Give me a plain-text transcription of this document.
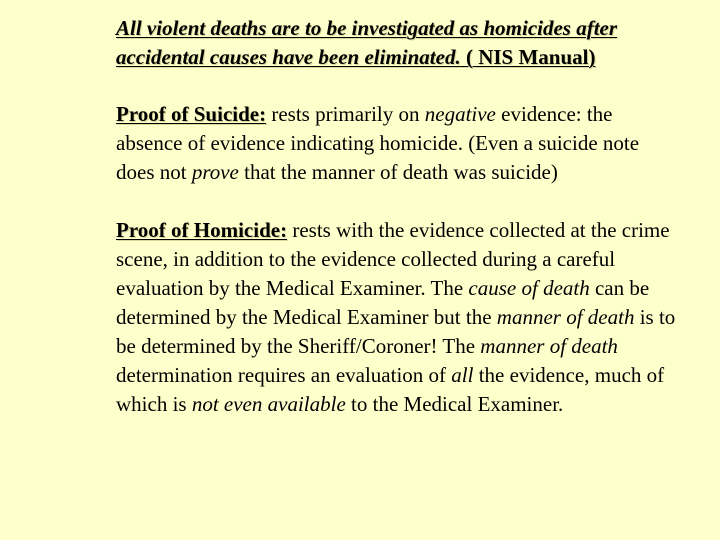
All violent deaths are to be investigated as homicides after accidental causes have been eliminated. ( NIS Manual)

Proof of Suicide: rests primarily on negative evidence: the absence of evidence indicating homicide. (Even a suicide note does not prove that the manner of death was suicide)

Proof of Homicide: rests with the evidence collected at the crime scene, in addition to the evidence collected during a careful evaluation by the Medical Examiner. The cause of death can be determined by the Medical Examiner but the manner of death is to be determined by the Sheriff/Coroner! The manner of death determination requires an evaluation of all the evidence, much of which is not even available to the Medical Examiner.
